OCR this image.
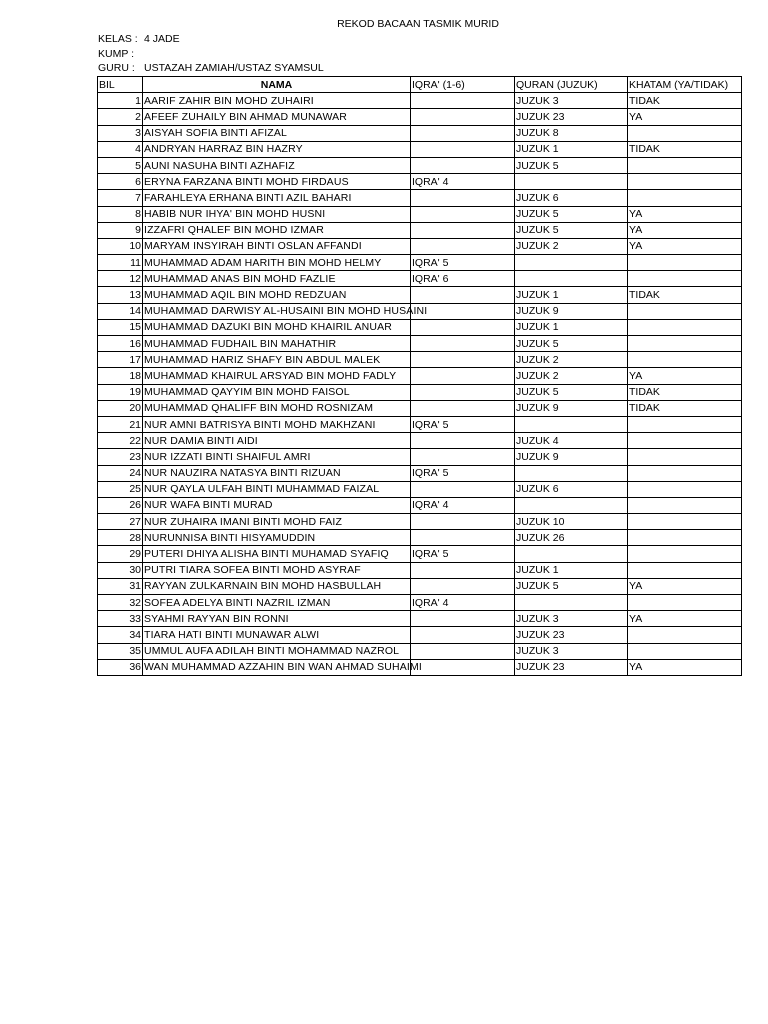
REKOD BACAAN TASMIK MURID
KELAS : 4 JADE
KUMP :
GURU : USTAZAH ZAMIAH/USTAZ SYAMSUL
BIL	NAMA	IQRA' (1-6)	QURAN (JUZUK)	KHATAM (YA/TIDAK)
1	AARIF ZAHIR BIN MOHD ZUHAIRI		JUZUK 3	TIDAK
2	AFEEF ZUHAILY BIN AHMAD MUNAWAR		JUZUK 23	YA
3	AISYAH SOFIA BINTI AFIZAL		JUZUK 8	
4	ANDRYAN HARRAZ BIN HAZRY		JUZUK 1	TIDAK
5	AUNI NASUHA BINTI AZHAFIZ		JUZUK 5	
6	ERYNA FARZANA BINTI MOHD FIRDAUS	IQRA' 4		
7	FARAHLEYA ERHANA BINTI AZIL BAHARI		JUZUK 6	
8	HABIB NUR IHYA' BIN MOHD HUSNI		JUZUK 5	YA
9	IZZAFRI QHALEF BIN MOHD IZMAR		JUZUK 5	YA
10	MARYAM INSYIRAH BINTI OSLAN AFFANDI		JUZUK 2	YA
11	MUHAMMAD ADAM HARITH BIN MOHD HELMY	IQRA' 5		
12	MUHAMMAD ANAS BIN MOHD FAZLIE	IQRA' 6		
13	MUHAMMAD AQIL BIN MOHD REDZUAN		JUZUK 1	TIDAK
14	MUHAMMAD DARWISY AL-HUSAINI BIN MOHD HUSAINI		JUZUK 9	
15	MUHAMMAD DAZUKI BIN MOHD KHAIRIL ANUAR		JUZUK 1	
16	MUHAMMAD FUDHAIL BIN MAHATHIR		JUZUK 5	
17	MUHAMMAD HARIZ SHAFY BIN ABDUL MALEK		JUZUK 2	
18	MUHAMMAD KHAIRUL ARSYAD BIN MOHD FADLY		JUZUK 2	YA
19	MUHAMMAD QAYYIM BIN MOHD FAISOL		JUZUK 5	TIDAK
20	MUHAMMAD QHALIFF BIN MOHD ROSNIZAM		JUZUK 9	TIDAK
21	NUR AMNI BATRISYA BINTI MOHD MAKHZANI	IQRA' 5		
22	NUR DAMIA BINTI AIDI		JUZUK 4	
23	NUR IZZATI BINTI SHAIFUL AMRI		JUZUK 9	
24	NUR NAUZIRA NATASYA BINTI RIZUAN	IQRA' 5		
25	NUR QAYLA ULFAH BINTI MUHAMMAD FAIZAL		JUZUK 6	
26	NUR WAFA BINTI MURAD	IQRA' 4		
27	NUR ZUHAIRA IMANI BINTI MOHD FAIZ		JUZUK 10	
28	NURUNNISA BINTI HISYAMUDDIN		JUZUK 26	
29	PUTERI DHIYA ALISHA BINTI MUHAMAD SYAFIQ	IQRA' 5		
30	PUTRI TIARA SOFEA BINTI MOHD ASYRAF		JUZUK 1	
31	RAYYAN ZULKARNAIN BIN MOHD HASBULLAH		JUZUK 5	YA
32	SOFEA ADELYA BINTI NAZRIL IZMAN	IQRA' 4		
33	SYAHMI RAYYAN BIN RONNI		JUZUK 3	YA
34	TIARA HATI BINTI MUNAWAR ALWI		JUZUK 23	
35	UMMUL AUFA ADILAH BINTI MOHAMMAD NAZROL		JUZUK 3	
36	WAN MUHAMMAD AZZAHIN BIN WAN AHMAD SUHAIMI		JUZUK 23	YA
